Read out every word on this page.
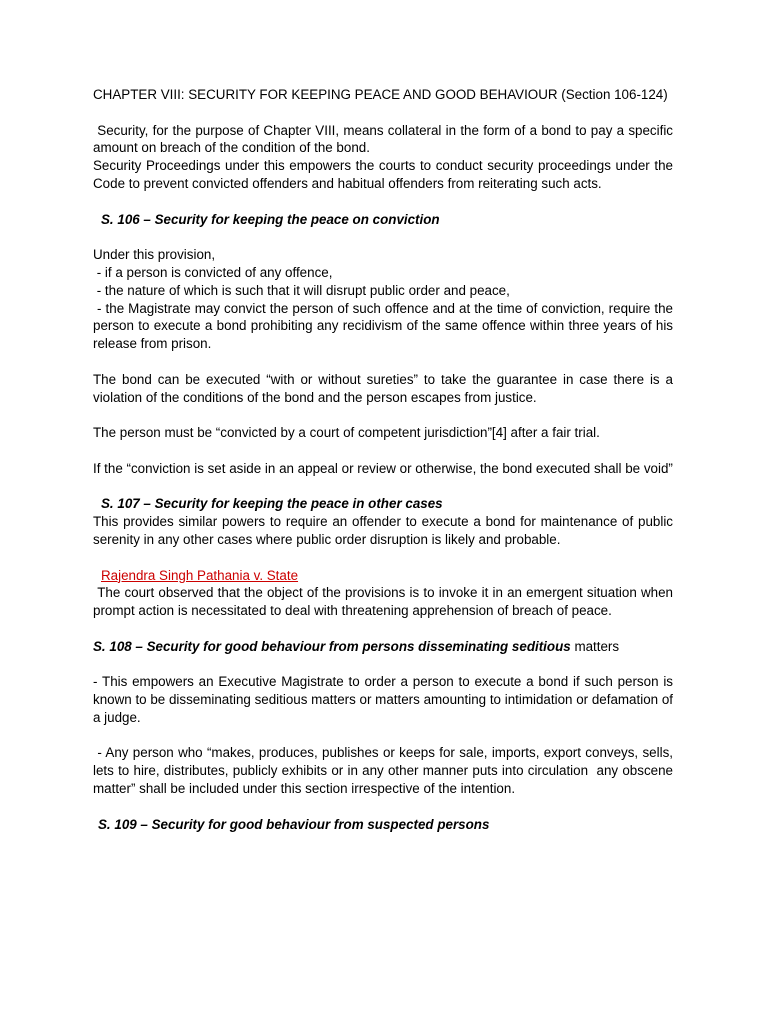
CHAPTER VIII: SECURITY FOR KEEPING PEACE AND GOOD BEHAVIOUR (Section 106-124)

Security, for the purpose of Chapter VIII, means collateral in the form of a bond to pay a specific amount on breach of the condition of the bond.

Security Proceedings under this empowers the courts to conduct security proceedings under the Code to prevent convicted offenders and habitual offenders from reiterating such acts.

S. 106 – Security for keeping the peace on conviction

Under this provision,

- if a person is convicted of any offence,

- the nature of which is such that it will disrupt public order and peace,

- the Magistrate may convict the person of such offence and at the time of conviction, require the person to execute a bond prohibiting any recidivism of the same offence within three years of his release from prison.

The bond can be executed “with or without sureties” to take the guarantee in case there is a violation of the conditions of the bond and the person escapes from justice.

The person must be “convicted by a court of competent jurisdiction”[4] after a fair trial.

If the “conviction is set aside in an appeal or review or otherwise, the bond executed shall be void”

S. 107 – Security for keeping the peace in other cases

This provides similar powers to require an offender to execute a bond for maintenance of public serenity in any other cases where public order disruption is likely and probable.

Rajendra Singh Pathania v. State

The court observed that the object of the provisions is to invoke it in an emergent situation when prompt action is necessitated to deal with threatening apprehension of breach of peace.

S. 108 – Security for good behaviour from persons disseminating seditious matters

- This empowers an Executive Magistrate to order a person to execute a bond if such person is known to be disseminating seditious matters or matters amounting to intimidation or defamation of a judge.

- Any person who “makes, produces, publishes or keeps for sale, imports, export conveys, sells, lets to hire, distributes, publicly exhibits or in any other manner puts into circulation  any obscene matter” shall be included under this section irrespective of the intention.

S. 109 – Security for good behaviour from suspected persons
